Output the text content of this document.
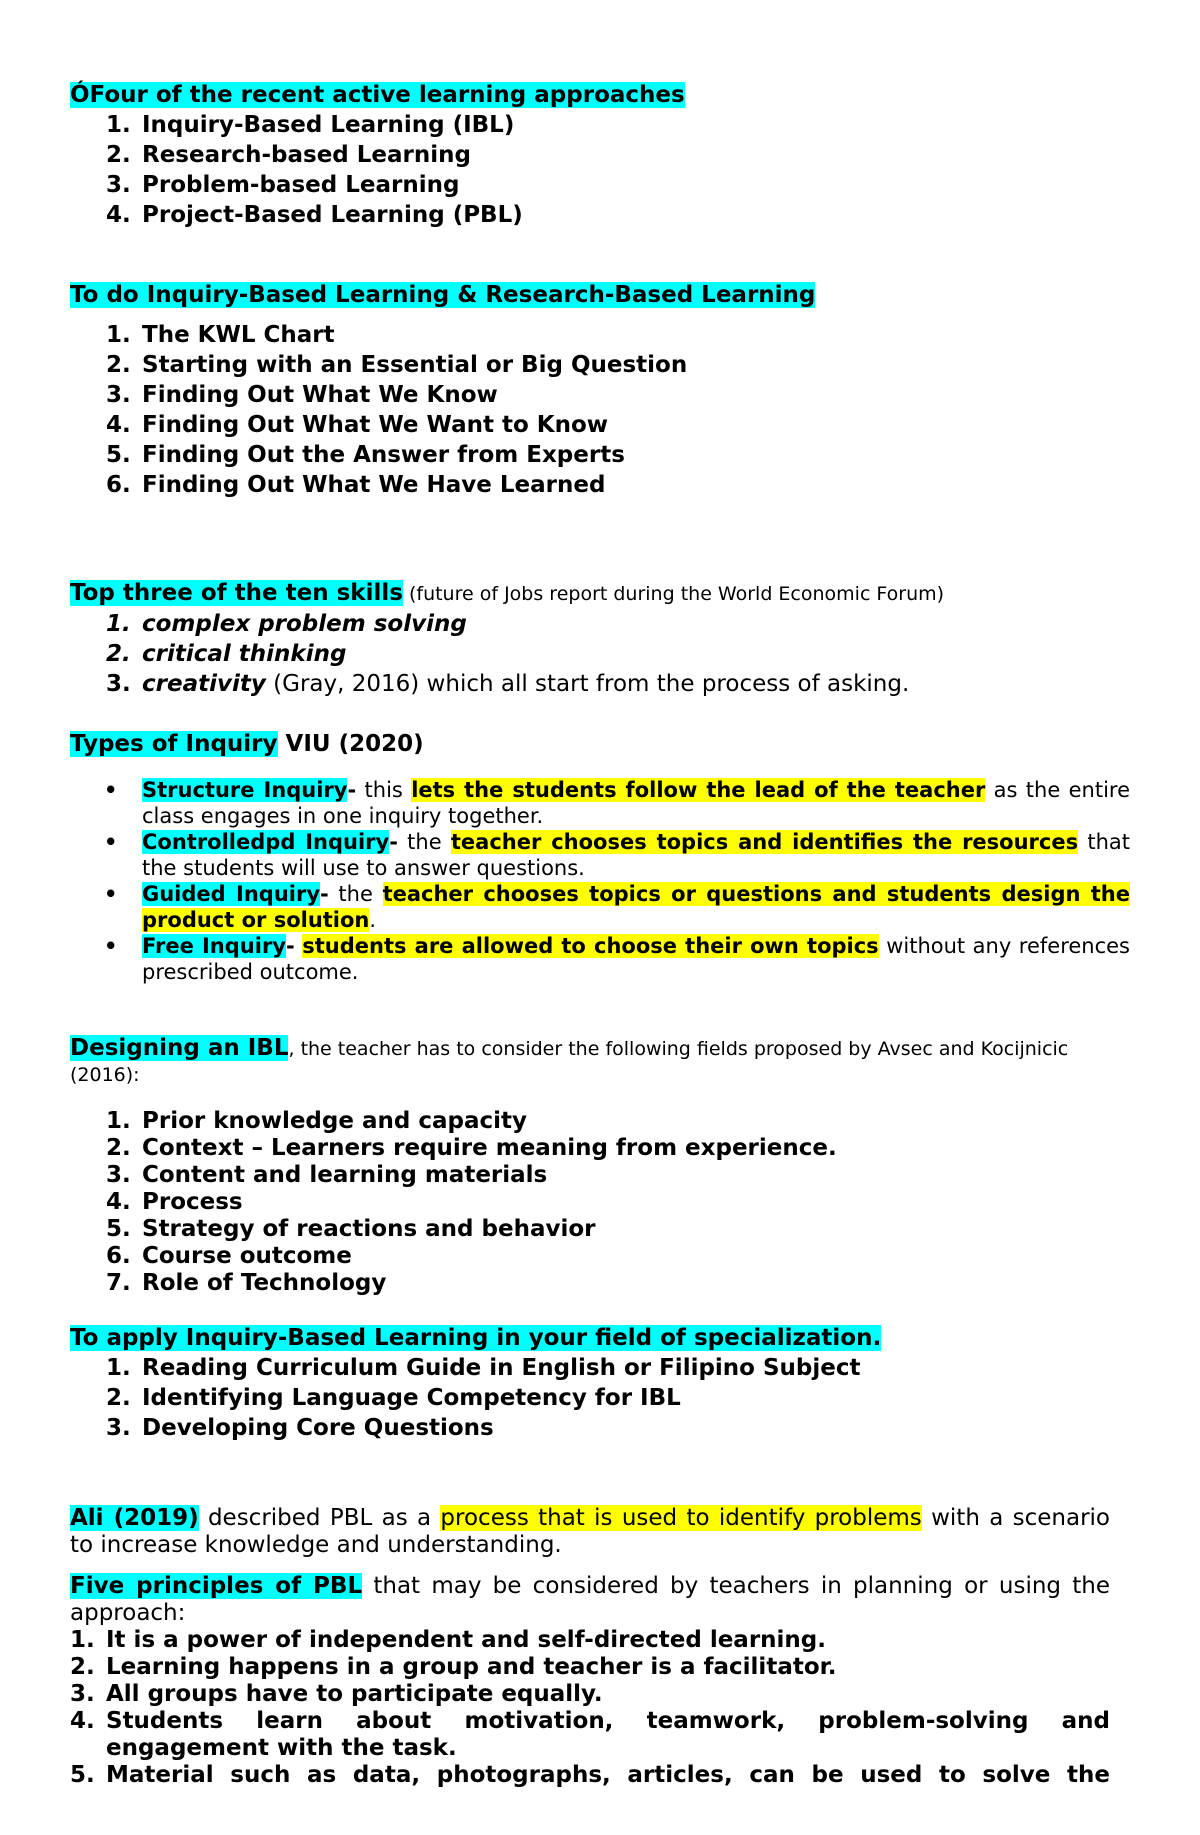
ÓFour of the recent active learning approaches

1. Inquiry-Based Learning (IBL)
2. Research-based Learning
3. Problem-based Learning
4. Project-Based Learning (PBL)

To do Inquiry-Based Learning & Research-Based Learning

1. The KWL Chart
2. Starting with an Essential or Big Question
3. Finding Out What We Know
4. Finding Out What We Want to Know
5. Finding Out the Answer from Experts
6. Finding Out What We Have Learned

Top three of the ten skills (future of Jobs report during the World Economic Forum)

1. complex problem solving
2. critical thinking
3. creativity (Gray, 2016) which all start from the process of asking.

Types of Inquiry VIU (2020)

• Structure Inquiry- this lets the students follow the lead of the teacher as the entire class engages in one inquiry together.
• Controlledpd Inquiry- the teacher chooses topics and identifies the resources that the students will use to answer questions.
• Guided Inquiry- the teacher chooses topics or questions and students design the product or solution.
• Free Inquiry- students are allowed to choose their own topics without any references prescribed outcome.

Designing an IBL, the teacher has to consider the following fields proposed by Avsec and Kocijnicic (2016):

1. Prior knowledge and capacity
2. Context – Learners require meaning from experience.
3. Content and learning materials
4. Process
5. Strategy of reactions and behavior
6. Course outcome
7. Role of Technology

To apply Inquiry-Based Learning in your field of specialization.

1. Reading Curriculum Guide in English or Filipino Subject
2. Identifying Language Competency for IBL
3. Developing Core Questions

Ali (2019) described PBL as a process that is used to identify problems with a scenario to increase knowledge and understanding.

Five principles of PBL that may be considered by teachers in planning or using the approach:

1. It is a power of independent and self-directed learning.
2. Learning happens in a group and teacher is a facilitator.
3. All groups have to participate equally.
4. Students learn about motivation, teamwork, problem-solving and engagement with the task.
5. Material such as data, photographs, articles, can be used to solve the
